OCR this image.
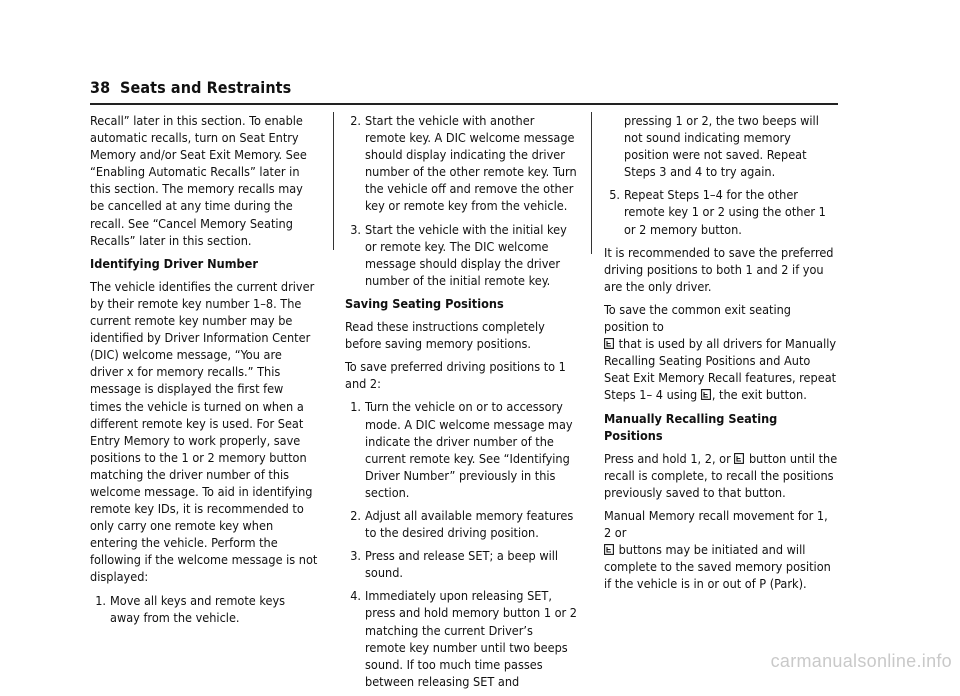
38 Seats and Restraints

Recall” later in this section. To enable automatic recalls, turn on Seat Entry Memory and/or Seat Exit Memory. See “Enabling Automatic Recalls” later in this section. The memory recalls may be cancelled at any time during the recall. See “Cancel Memory Seating Recalls” later in this section.

Identifying Driver Number

The vehicle identifies the current driver by their remote key number 1–8. The current remote key number may be identified by Driver Information Center (DIC) welcome message, “You are driver x for memory recalls.” This message is displayed the first few times the vehicle is turned on when a different remote key is used. For Seat Entry Memory to work properly, save positions to the 1 or 2 memory button matching the driver number of this welcome message. To aid in identifying remote key IDs, it is recommended to only carry one remote key when entering the vehicle. Perform the following if the welcome message is not displayed:

1. Move all keys and remote keys away from the vehicle.
2. Start the vehicle with another remote key. A DIC welcome message should display indicating the driver number of the other remote key. Turn the vehicle off and remove the other key or remote key from the vehicle.
3. Start the vehicle with the initial key or remote key. The DIC welcome message should display the driver number of the initial remote key.

Saving Seating Positions

Read these instructions completely before saving memory positions.

To save preferred driving positions to 1 and 2:

1. Turn the vehicle on or to accessory mode. A DIC welcome message may indicate the driver number of the current remote key. See “Identifying Driver Number” previously in this section.
2. Adjust all available memory features to the desired driving position.
3. Press and release SET; a beep will sound.
4. Immediately upon releasing SET, press and hold memory button 1 or 2 matching the current Driver’s remote key number until two beeps sound. If too much time passes between releasing SET and
pressing 1 or 2, the two beeps will not sound indicating memory position were not saved. Repeat Steps 3 and 4 to try again.
5. Repeat Steps 1–4 for the other remote key 1 or 2 using the other 1 or 2 memory button.

It is recommended to save the preferred driving positions to both 1 and 2 if you are the only driver.

To save the common exit seating position to
that is used by all drivers for Manually Recalling Seating Positions and Auto Seat Exit Memory Recall features, repeat Steps 1– 4 using , the exit button.

Manually Recalling Seating Positions

Press and hold 1, 2, or button until the recall is complete, to recall the positions previously saved to that button.

Manual Memory recall movement for 1, 2 or
buttons may be initiated and will complete to the saved memory position if the vehicle is in or out of P (Park).

carmanualsonline.info
